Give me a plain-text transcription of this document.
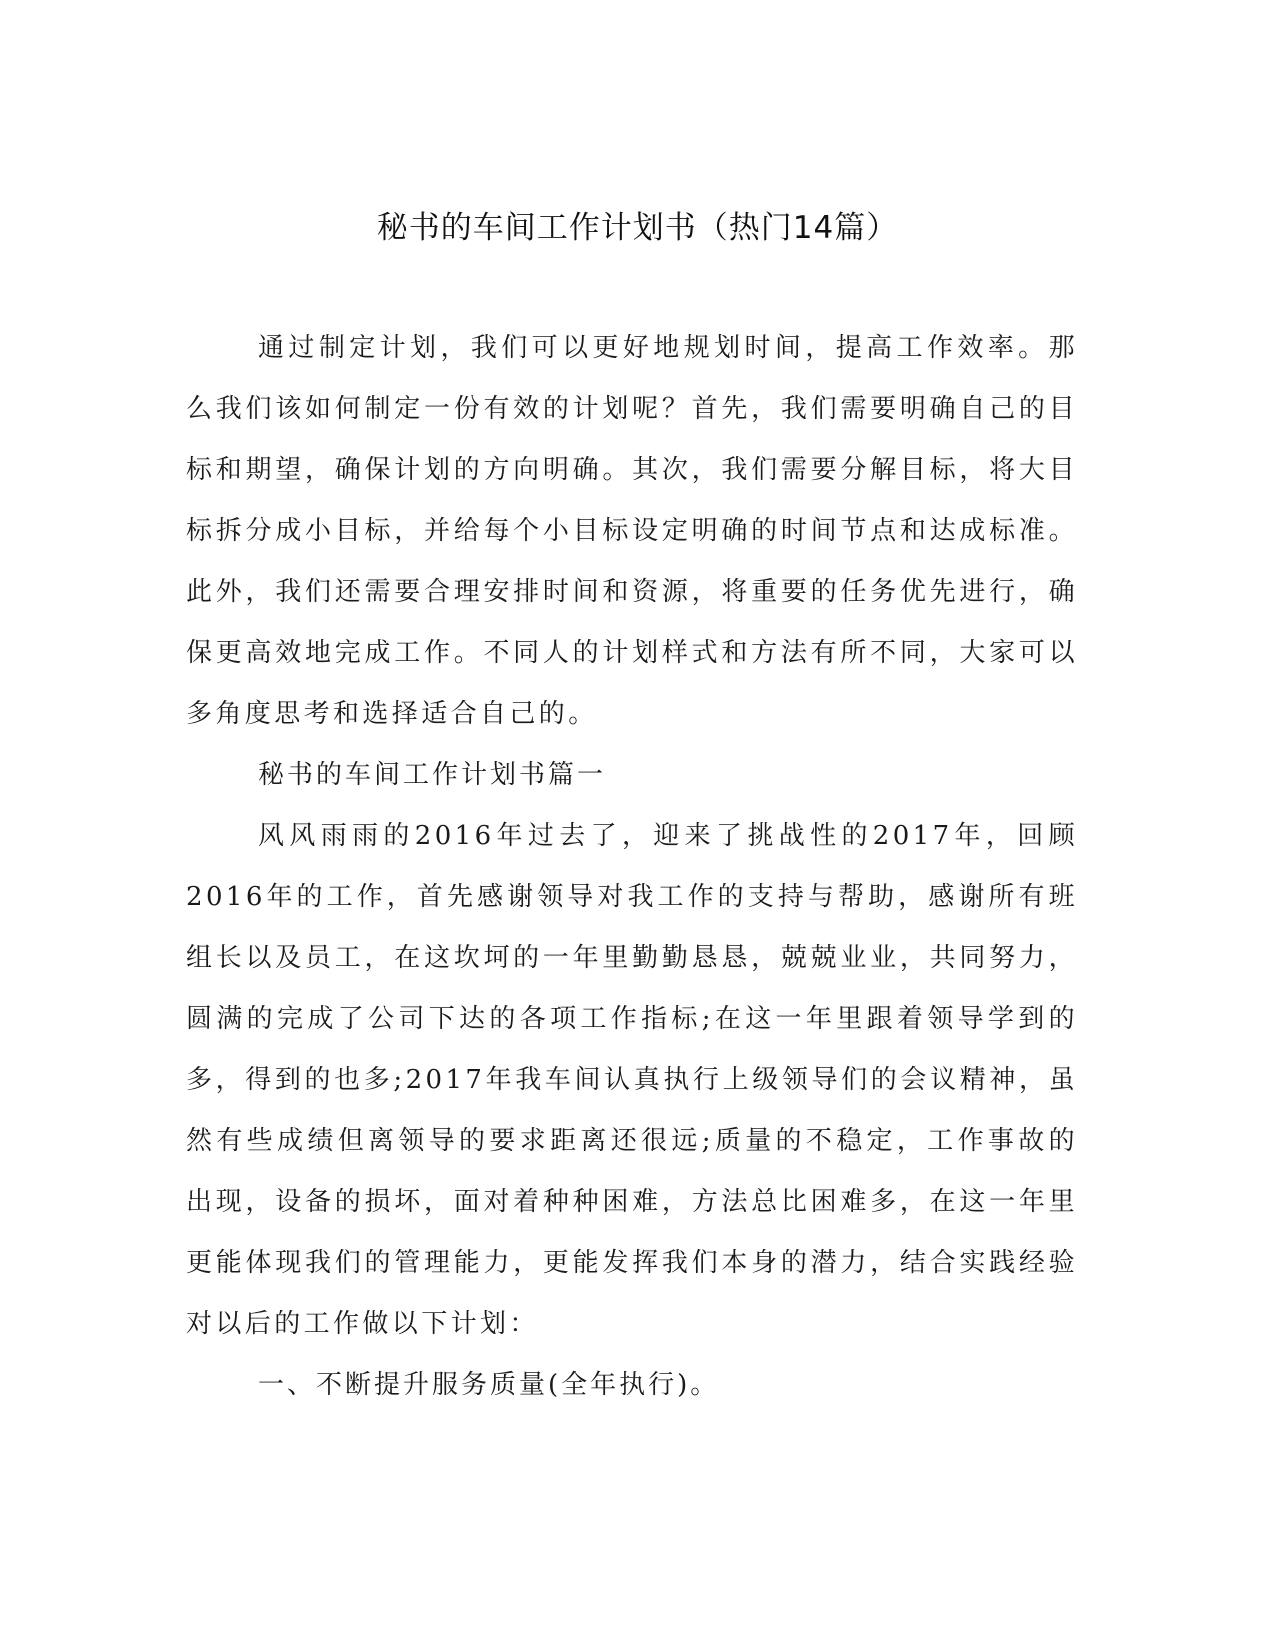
秘书的车间工作计划书（热门14篇）

通过制定计划，我们可以更好地规划时间，提高工作效率。那么我们该如何制定一份有效的计划呢？首先，我们需要明确自己的目标和期望，确保计划的方向明确。其次，我们需要分解目标，将大目标拆分成小目标，并给每个小目标设定明确的时间节点和达成标准。此外，我们还需要合理安排时间和资源，将重要的任务优先进行，确保更高效地完成工作。不同人的计划样式和方法有所不同，大家可以多角度思考和选择适合自己的。

秘书的车间工作计划书篇一

风风雨雨的2016年过去了，迎来了挑战性的2017年，回顾2016年的工作，首先感谢领导对我工作的支持与帮助，感谢所有班组长以及员工，在这坎坷的一年里勤勤恳恳，兢兢业业，共同努力，圆满的完成了公司下达的各项工作指标;在这一年里跟着领导学到的多，得到的也多;2017年我车间认真执行上级领导们的会议精神，虽然有些成绩但离领导的要求距离还很远;质量的不稳定，工作事故的出现，设备的损坏，面对着种种困难，方法总比困难多，在这一年里更能体现我们的管理能力，更能发挥我们本身的潜力，结合实践经验对以后的工作做以下计划：

一、不断提升服务质量(全年执行)。
